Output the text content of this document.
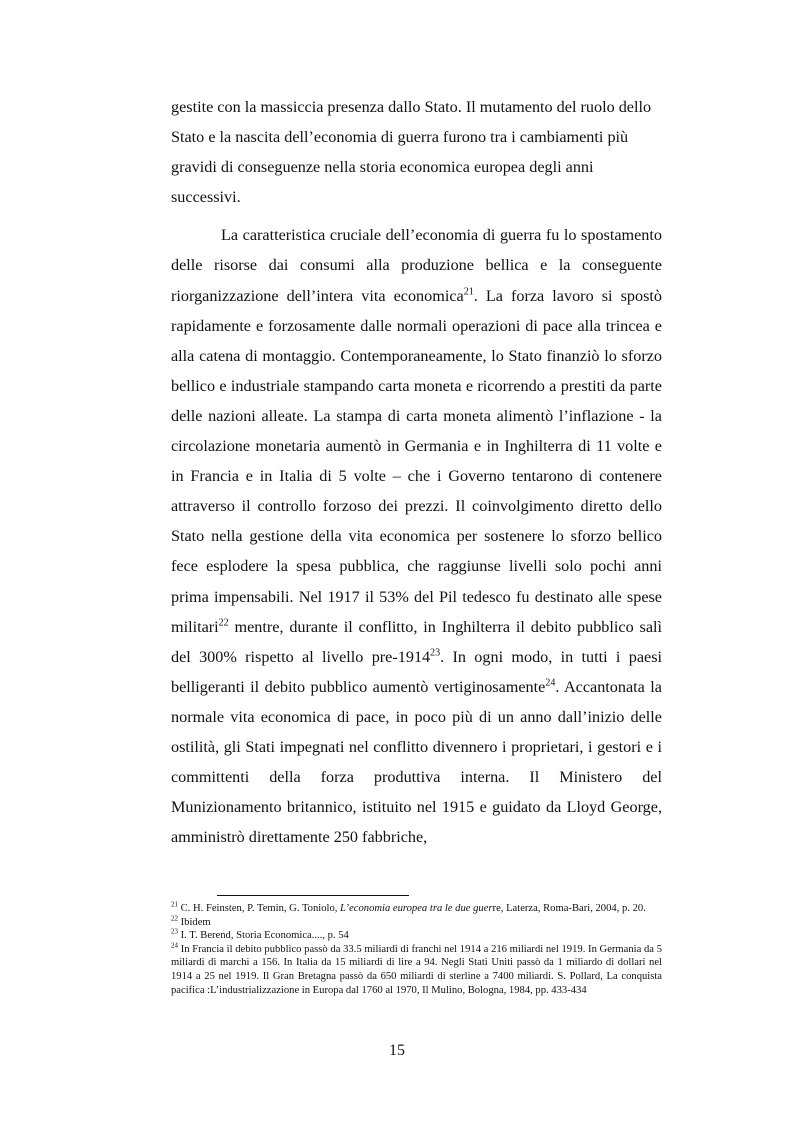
gestite con la massiccia presenza dallo Stato. Il mutamento del ruolo dello Stato e la nascita dell’economia di guerra furono tra i cambiamenti più gravidi di conseguenze nella storia economica europea degli anni successivi.

La caratteristica cruciale dell’economia di guerra fu lo spostamento delle risorse dai consumi alla produzione bellica e la conseguente riorganizzazione dell’intera vita economica$^{21}$. La forza lavoro si spostò rapidamente e forzosamente dalle normali operazioni di pace alla trincea e alla catena di montaggio. Contemporaneamente, lo Stato finanziò lo sforzo bellico e industriale stampando carta moneta e ricorrendo a prestiti da parte delle nazioni alleate. La stampa di carta moneta alimentò l’inflazione - la circolazione monetaria aumentò in Germania e in Inghilterra di 11 volte e in Francia e in Italia di 5 volte – che i Governo tentarono di contenere attraverso il controllo forzoso dei prezzi. Il coinvolgimento diretto dello Stato nella gestione della vita economica per sostenere lo sforzo bellico fece esplodere la spesa pubblica, che raggiunse livelli solo pochi anni prima impensabili. Nel 1917 il 53% del Pil tedesco fu destinato alle spese militari$^{22}$ mentre, durante il conflitto, in Inghilterra il debito pubblico salì del 300% rispetto al livello pre-1914$^{23}$. In ogni modo, in tutti i paesi belligeranti il debito pubblico aumentò vertiginosamente$^{24}$. Accantonata la normale vita economica di pace, in poco più di un anno dall’inizio delle ostilità, gli Stati impegnati nel conflitto divennero i proprietari, i gestori e i committenti della forza produttiva interna. Il Ministero del Munizionamento britannico, istituito nel 1915 e guidato da Lloyd George, amministrò direttamente 250 fabbriche,

$^{21}$ C. H. Feinsten, P. Temin, G. Toniolo, L’economia europea tra le due guerre, Laterza, Roma-Bari, 2004, p. 20.

$^{22}$ Ibidem

$^{23}$ I. T. Berend, Storia Economica...., p. 54

$^{24}$ In Francia il debito pubblico passò da 33.5 miliardi di franchi nel 1914 a 216 miliardi nel 1919. In Germania da 5 miliardi di marchi a 156. In Italia da 15 miliardi di lire a 94. Negli Stati Uniti passò da 1 miliardo di dollari nel 1914 a 25 nel 1919. Il Gran Bretagna passò da 650 miliardi di sterline a 7400 miliardi. S. Pollard, La conquista pacifica :L’industrializzazione in Europa dal 1760 al 1970, Il Mulino, Bologna, 1984, pp. 433-434

15
